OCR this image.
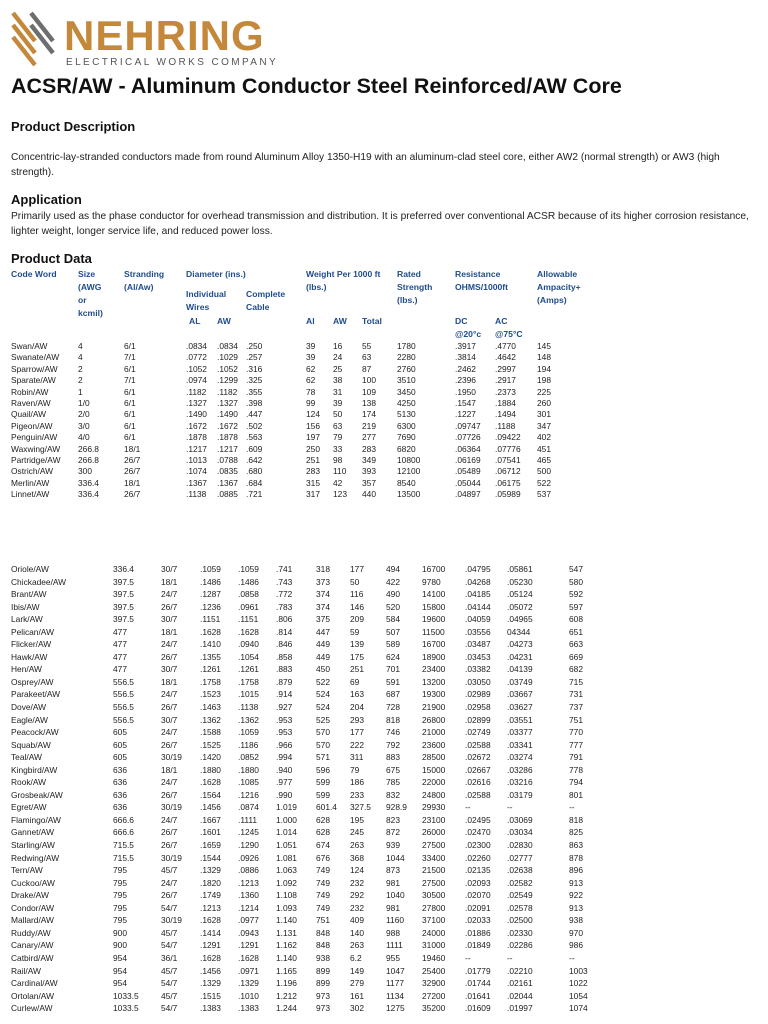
NEHRING
ELECTRICAL WORKS COMPANY
ACSR/AW - Aluminum Conductor Steel Reinforced/AW Core
Product Description
Concentric-lay-stranded conductors made from round Aluminum Alloy 1350-H19 with an aluminum-clad steel core, either AW2 (normal strength) or AW3 (high strength).
Application
Primarily used as the phase conductor for overhead transmission and distribution. It is preferred over conventional ACSR because of its higher corrosion resistance, lighter weight, longer service life, and reduced power loss.
Product Data
Code Word Size (AWG or kcmil)
Stranding (Al/Aw)
Diameter (ins.)
Individual Wires
Complete Cable
AL AW
Weight Per 1000 ft (lbs.)
Al AW Total
Rated Strength (lbs.)
Resistance OHMS/1000ft
DC @20°c
AC @75°C
Allowable Ampacity+ (Amps)
Swan/AW	4	6/1	.0834 .0834 .250	39 16 55	1780	.3917 .4770	145
Swanate/AW 4	7/1	.0772 .1029 .257	39 24 63	2280	.3814 .4642	148
Sparrow/AW 2	6/1	.1052 .1052 .316	62 25 87	2760	.2462 .2997	194
Sparate/AW	2	7/1	.0974 .1299 .325	62 38 100	3510	.2396 .2917	198
Robin/AW	1	6/1	.1182 .1182 .355	78 31 109	3450	.1950 .2373	225
Raven/AW	1/0	6/1	.1327 .1327 .398	99 39 138	4250	.1547 .1884	260
Quail/AW	2/0	6/1	.1490 .1490 .447	124 50 174	5130	.1227 .1494	301
Pigeon/AW	3/0	6/1	.1672 .1672 .502	156 63 219	6300	.09747 .1188	347
Penguin/AW 4/0	6/1	.1878 .1878 .563	197 79 277	7690	.07726 .09422 402
Waxwing/AW 266.8	18/1	.1217 .1217 .609	250 33 283	6820	.06364 .07776 451
Partridge/AW 266.8	26/7	.1013 .0788 .642	251 98 349	10800	.06169 .07541 465
Ostrich/AW	300	26/7	.1074 .0835 .680	283 110 393	12100	.05489 .06712 500
Merlin/AW	336.4	18/1	.1367 .1367 .684	315 42 357	8540	.05044 .06175 522
Linnet/AW	336.4	26/7	.1138 .0885 .721	317 123 440	13500	.04897 .05989 537
Oriole/AW	336.4	30/7	.1059 .1059 .741	318 177	494	16700 .04795 .05861	547
Chickadee/AW	397.5	18/1	.1486 .1486 .743	373 50	422	9780	.04268 .05230	580
Brant/AW	397.5	24/7	.1287 .0858 .772	374 116	490	14100 .04185 .05124	592
Ibis/AW	397.5	26/7	.1236 .0961 .783	374 146	520	15800 .04144 .05072	597
Lark/AW	397.5	30/7	.1151 .1151 .806	375 209	584	19600 .04059 .04965	608
Pelican/AW	477	18/1	.1628 .1628 .814	447 59	507	11500 .03556 04344	651
Flicker/AW	477	24/7	.1410 .0940 .846	449 139	589	16700 .03487 .04273	663
Hawk/AW	477	26/7	.1355 .1054 .858	449 175	624	18900 .03453 .04231	669
Hen/AW	477	30/7	.1261 .1261 .883	450 251	701	23400 .03382 .04139	682
Osprey/AW	556.5	18/1	.1758 .1758 .879	522 69	591	13200 .03050 .03749	715
Parakeet/AW	556.5	24/7	.1523 .1015 .914	524 163	687	19300 .02989 .03667	731
Dove/AW	556.5	26/7	.1463 .1138 .927	524 204	728	21900 .02958 .03627	737
Eagle/AW	556.5	30/7	.1362 .1362 .953	525 293	818	26800 .02899 .03551	751
Peacock/AW	605	24/7	.1588 .1059 .953	570 177	746	21000 .02749 .03377	770
Squab/AW	605	26/7	.1525 .1186 .966	570 222	792	23600 .02588 .03341	777
Teal/AW	605	30/19 .1420 .0852 .994	571 311	883	28500 .02672 .03274	791
Kingbird/AW	636	18/1	.1880 .1880 .940	596 79	675	15000 .02667 .03286	778
Rook/AW	636	24/7	.1628 .1085 .977	599 186	785	22000 .02616 .03216	794
Grosbeak/AW	636	26/7	.1564 .1216 .990	599 233	832	24800 .02588 .03179	801
Egret/AW	636	30/19 .1456 .0874 1.019 601.4 327.5 928.9 29930 --	--	--
Flamingo/AW	666.6	24/7	.1667 .1111 1.000 628 195	823	23100 .02495 .03069	818
Gannet/AW	666.6	26/7	.1601 .1245 1.014 628 245	872	26000 .02470 .03034	825
Starling/AW	715.5	26/7	.1659 .1290 1.051 674 263	939	27500 .02300 .02830	863
Redwing/AW	715.5	30/19 .1544 .0926 1.081 676 368	1044 33400 .02260 .02777	878
Tern/AW	795	45/7	.1329 .0886 1.063 749 124	873	21500 .02135 .02638	896
Cuckoo/AW	795	24/7	.1820 .1213 1.092 749 232	981	27500 .02093 .02582	913
Drake/AW	795	26/7	.1749 .1360 1.108 749 292	1040 30500 .02070 .02549	922
Condor/AW	795	54/7	.1213 .1214 1.093 749 232	981	27800 .02091 .02578	913
Mallard/AW	795	30/19 .1628 .0977 1.140 751 409	1160 37100 .02033 .02500	938
Ruddy/AW	900	45/7	.1414 .0943 1.131 848 140	988	24000 .01886 .02330	970
Canary/AW	900	54/7	.1291 .1291 1.162 848 263	1111 31000 .01849 .02286	986
Catbird/AW	954	36/1	.1628 .1628 1.140 938 6.2	955	19460 --	--	--
Rail/AW	954	45/7	.1456 .0971 1.165 899 149	1047 25400 .01779 .02210	1003
Cardinal/AW	954	54/7	.1329 .1329 1.196 899 279	1177 32900 .01744 .02161	1022
Ortolan/AW	1033.5	45/7	.1515 .1010 1.212 973 161	1134 27200 .01641 .02044	1054
Curlew/AW	1033.5	54/7	.1383 .1383 1.244 973 302	1275 35200 .01609 .01997	1074
